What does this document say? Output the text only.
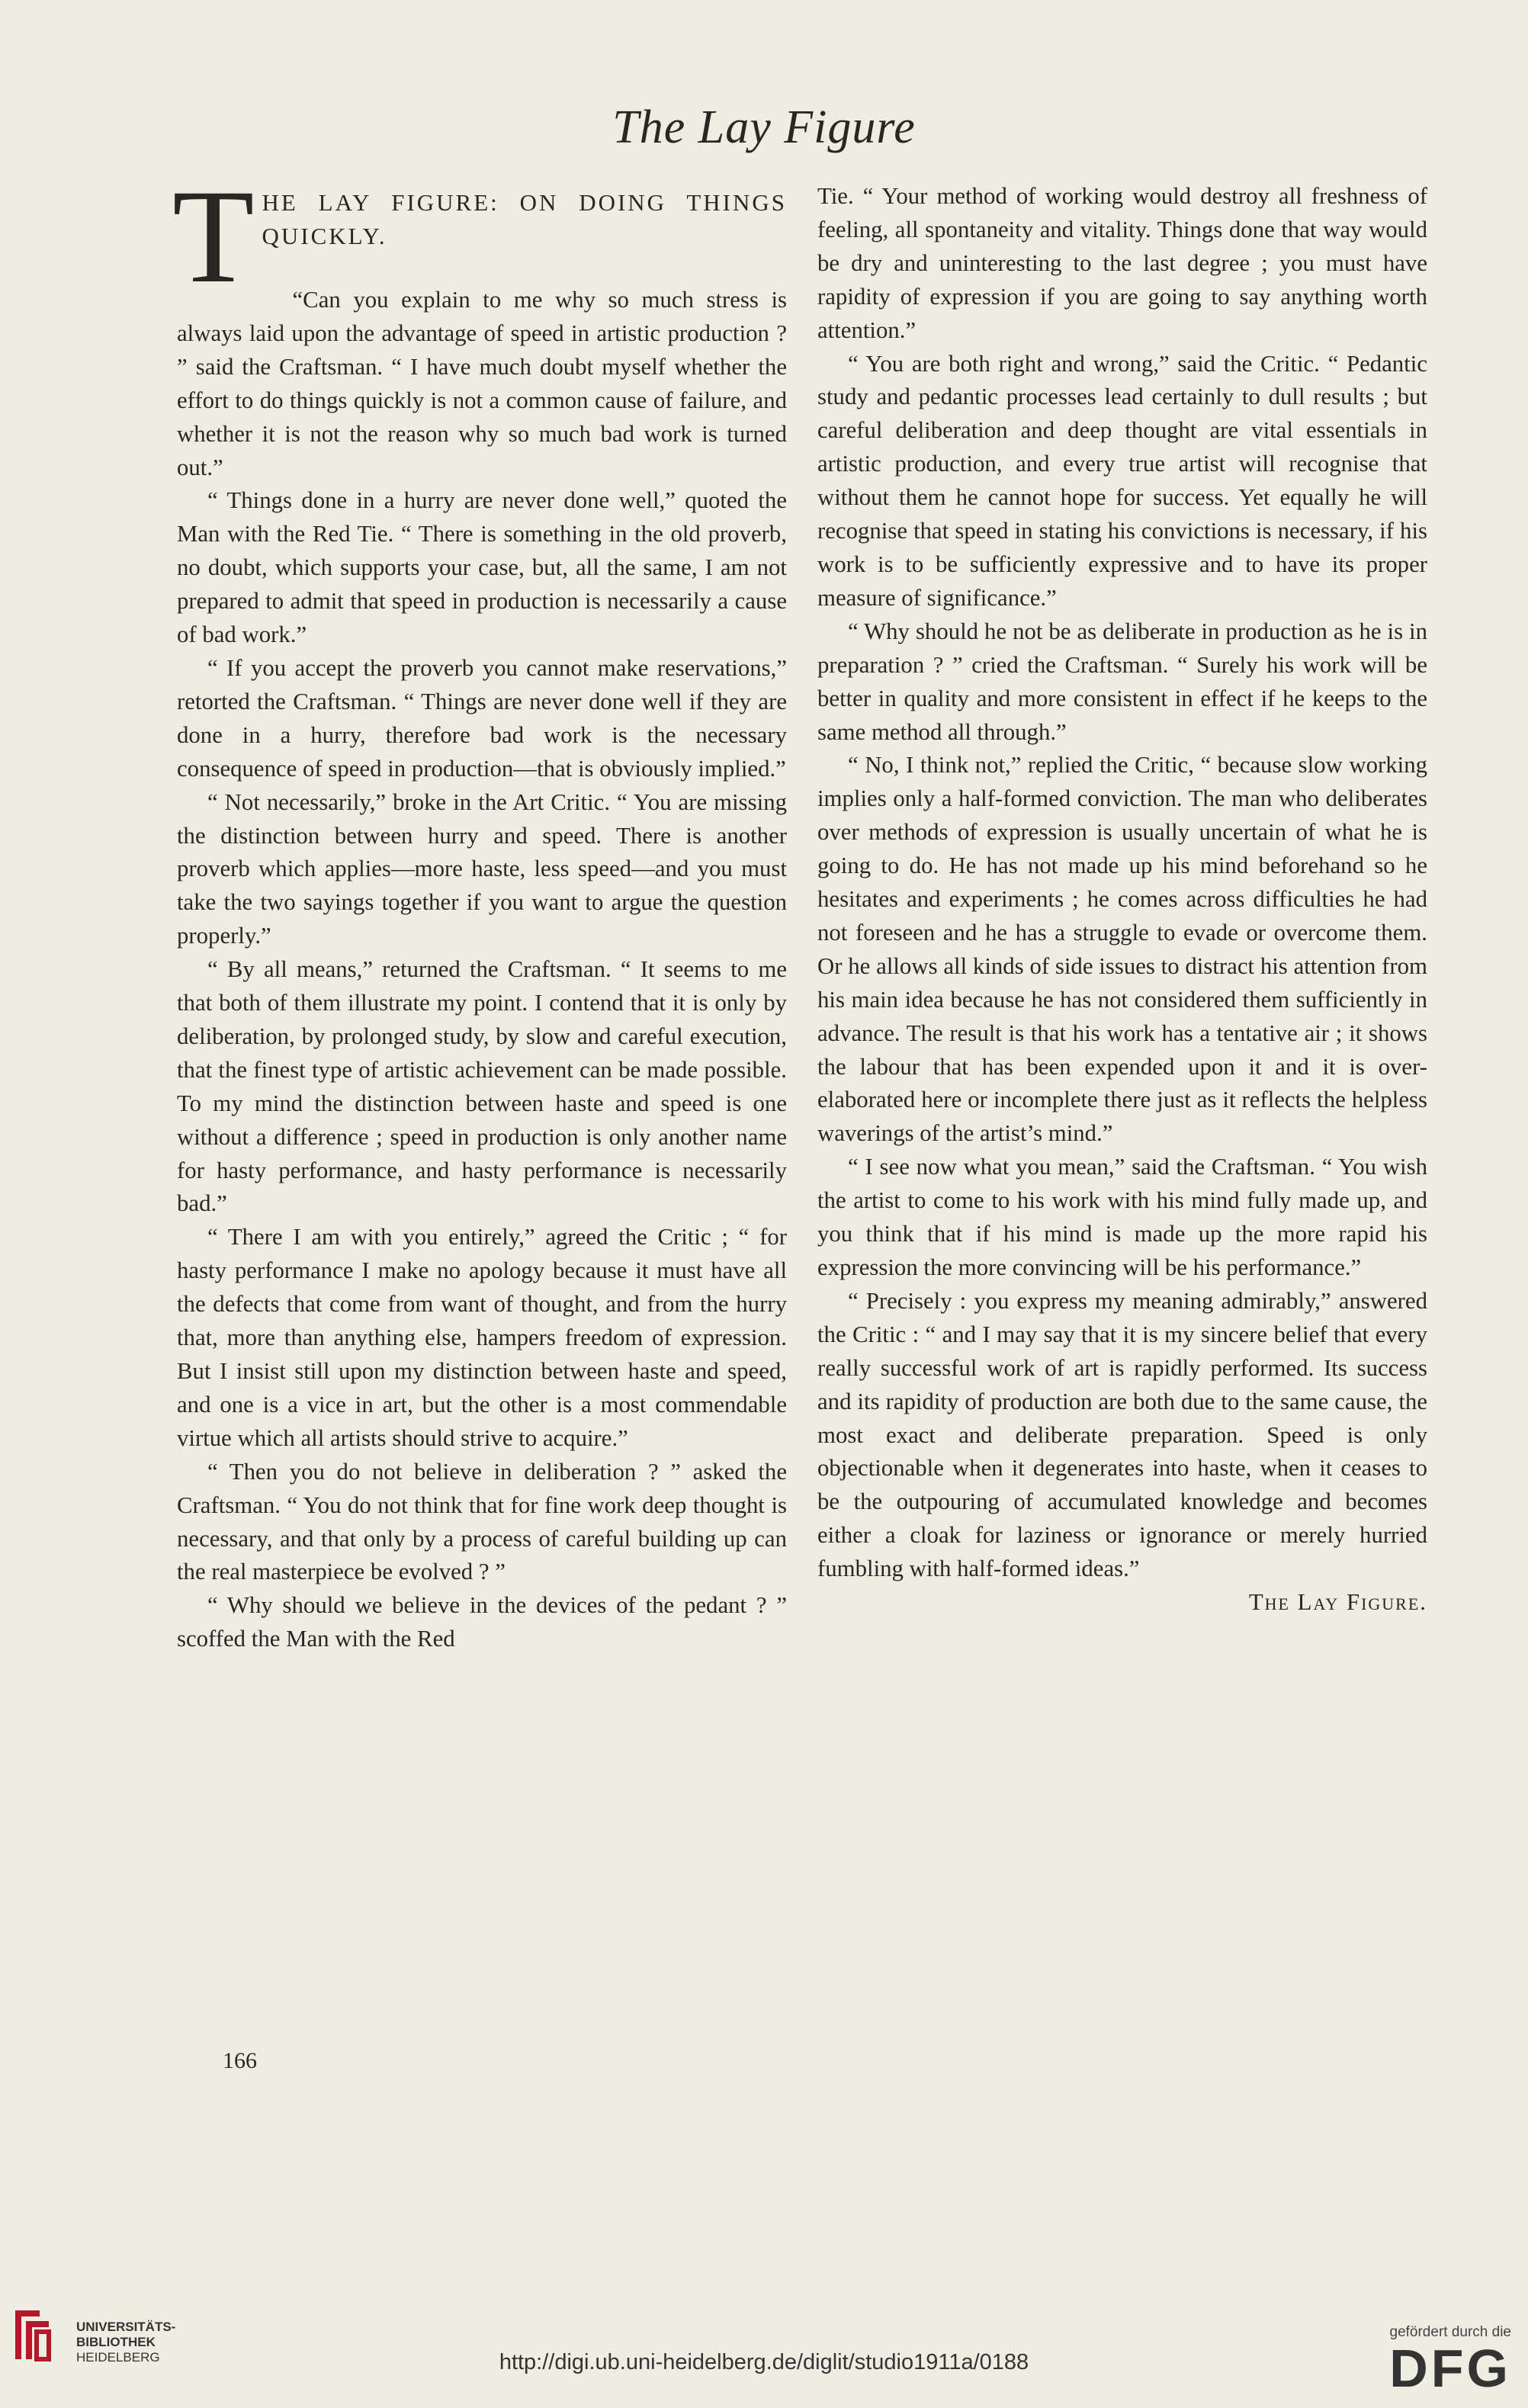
The Lay Figure
T HE LAY FIGURE: ON DOING THINGS QUICKLY.

“Can you explain to me why so much stress is always laid upon the advantage of speed in artistic production ? ” said the Craftsman. “ I have much doubt myself whether the effort to do things quickly is not a common cause of failure, and whether it is not the reason why so much bad work is turned out.”

“ Things done in a hurry are never done well,” quoted the Man with the Red Tie. “ There is something in the old proverb, no doubt, which supports your case, but, all the same, I am not prepared to admit that speed in production is necessarily a cause of bad work.”

“ If you accept the proverb you cannot make reservations,” retorted the Craftsman. “ Things are never done well if they are done in a hurry, therefore bad work is the necessary consequence of speed in production—that is obviously implied.”

“ Not necessarily,” broke in the Art Critic. “ You are missing the distinction between hurry and speed. There is another proverb which applies—more haste, less speed—and you must take the two sayings together if you want to argue the question properly.”

“ By all means,” returned the Craftsman. “ It seems to me that both of them illustrate my point. I contend that it is only by deliberation, by prolonged study, by slow and careful execution, that the finest type of artistic achievement can be made possible. To my mind the distinction between haste and speed is one without a difference ; speed in production is only another name for hasty performance, and hasty performance is necessarily bad.”

“ There I am with you entirely,” agreed the Critic ; “ for hasty performance I make no apology because it must have all the defects that come from want of thought, and from the hurry that, more than anything else, hampers freedom of expression. But I insist still upon my distinction between haste and speed, and one is a vice in art, but the other is a most commendable virtue which all artists should strive to acquire.”

“ Then you do not believe in deliberation ? ” asked the Craftsman. “ You do not think that for fine work deep thought is necessary, and that only by a process of careful building up can the real masterpiece be evolved ? ”

“ Why should we believe in the devices of the pedant ? ” scoffed the Man with the Red

Tie. “ Your method of working would destroy all freshness of feeling, all spontaneity and vitality. Things done that way would be dry and uninteresting to the last degree ; you must have rapidity of expression if you are going to say anything worth attention.”

“ You are both right and wrong,” said the Critic. “ Pedantic study and pedantic processes lead certainly to dull results ; but careful deliberation and deep thought are vital essentials in artistic production, and every true artist will recognise that without them he cannot hope for success. Yet equally he will recognise that speed in stating his convictions is necessary, if his work is to be sufficiently expressive and to have its proper measure of significance.”

“ Why should he not be as deliberate in production as he is in preparation ? ” cried the Craftsman. “ Surely his work will be better in quality and more consistent in effect if he keeps to the same method all through.”

“ No, I think not,” replied the Critic, “ because slow working implies only a half-formed conviction. The man who deliberates over methods of expression is usually uncertain of what he is going to do. He has not made up his mind beforehand so he hesitates and experiments ; he comes across difficulties he had not foreseen and he has a struggle to evade or overcome them. Or he allows all kinds of side issues to distract his attention from his main idea because he has not considered them sufficiently in advance. The result is that his work has a tentative air ; it shows the labour that has been expended upon it and it is over-elaborated here or incomplete there just as it reflects the helpless waverings of the artist’s mind.”

“ I see now what you mean,” said the Craftsman. “ You wish the artist to come to his work with his mind fully made up, and you think that if his mind is made up the more rapid his expression the more convincing will be his performance.”

“ Precisely : you express my meaning admirably,” answered the Critic : “ and I may say that it is my sincere belief that every really successful work of art is rapidly performed. Its success and its rapidity of production are both due to the same cause, the most exact and deliberate preparation. Speed is only objectionable when it degenerates into haste, when it ceases to be the outpouring of accumulated knowledge and becomes either a cloak for laziness or ignorance or merely hurried fumbling with half-formed ideas.”

The Lay Figure.

166
UNIVERSITÄTS-
BIBLIOTHEK
HEIDELBERG	http://digi.ub.uni-heidelberg.de/diglit/studio1911a/0188
gefördert durch die
DFG
